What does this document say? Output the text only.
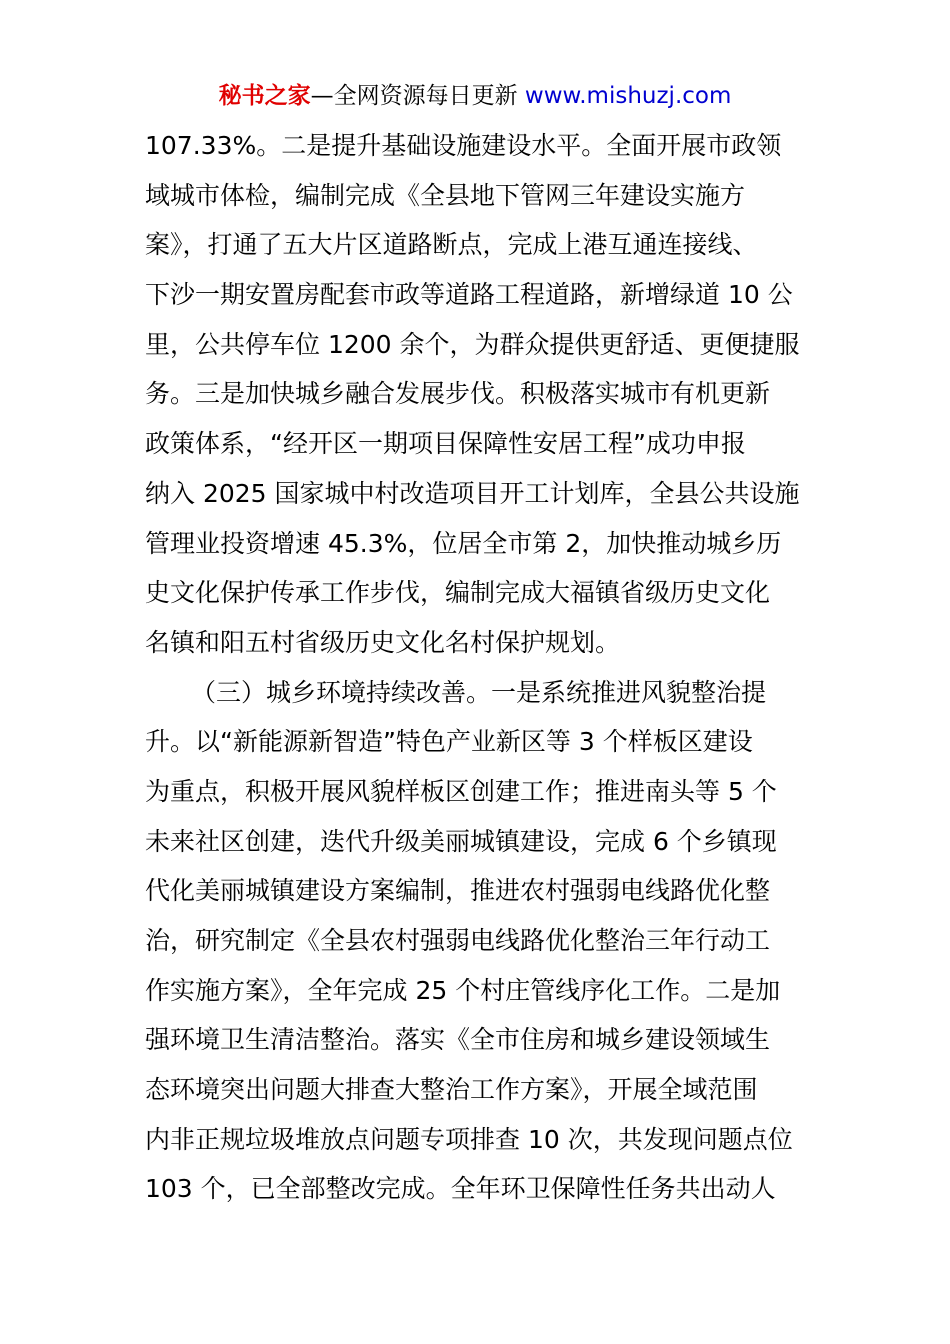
秘书之家—全网资源每日更新 www.mishuzj.com
107.33%。二是提升基础设施建设水平。全面开展市政领
域城市体检，编制完成《全县地下管网三年建设实施方
案》，打通了五大片区道路断点，完成上港互通连接线、
下沙一期安置房配套市政等道路工程道路，新增绿道 10 公
里，公共停车位 1200 余个，为群众提供更舒适、更便捷服
务。三是加快城乡融合发展步伐。积极落实城市有机更新
政策体系，“经开区一期项目保障性安居工程”成功申报
纳入 2025 国家城中村改造项目开工计划库，全县公共设施
管理业投资增速 45.3%，位居全市第 2，加快推动城乡历
史文化保护传承工作步伐，编制完成大福镇省级历史文化
名镇和阳五村省级历史文化名村保护规划。
（三）城乡环境持续改善。一是系统推进风貌整治提
升。以“新能源新智造”特色产业新区等 3 个样板区建设
为重点，积极开展风貌样板区创建工作；推进南头等 5 个
未来社区创建，迭代升级美丽城镇建设，完成 6 个乡镇现
代化美丽城镇建设方案编制，推进农村强弱电线路优化整
治，研究制定《全县农村强弱电线路优化整治三年行动工
作实施方案》，全年完成 25 个村庄管线序化工作。二是加
强环境卫生清洁整治。落实《全市住房和城乡建设领域生
态环境突出问题大排查大整治工作方案》，开展全域范围
内非正规垃圾堆放点问题专项排查 10 次，共发现问题点位
103 个，已全部整改完成。全年环卫保障性任务共出动人
